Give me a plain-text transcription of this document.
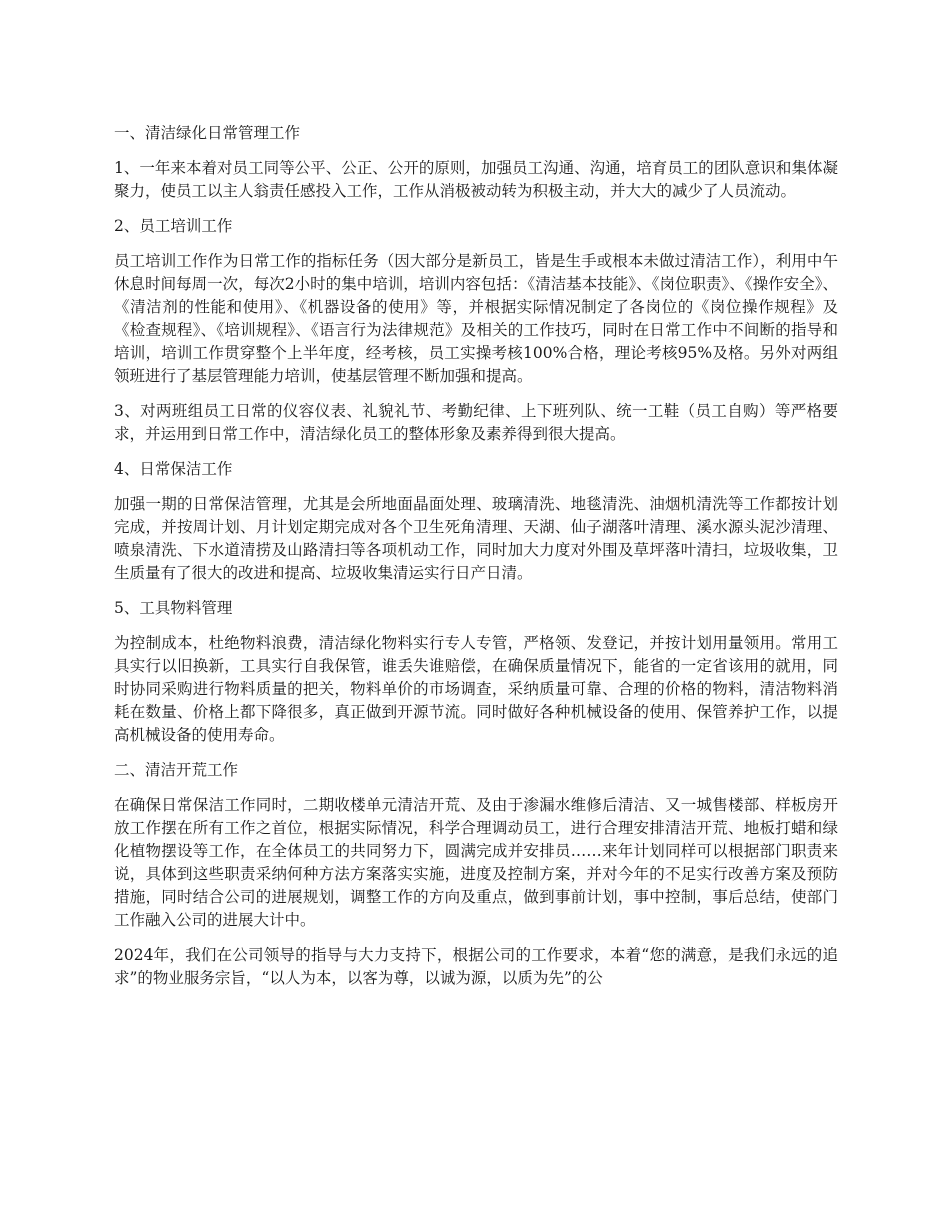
一、清洁绿化日常管理工作

1、一年来本着对员工同等公平、公正、公开的原则，加强员工沟通、沟通，培育员工的团队意识和集体凝聚力，使员工以主人翁责任感投入工作，工作从消极被动转为积极主动，并大大的减少了人员流动。

2、员工培训工作

员工培训工作作为日常工作的指标任务（因大部分是新员工，皆是生手或根本未做过清洁工作），利用中午休息时间每周一次，每次2小时的集中培训，培训内容包括：《清洁基本技能》、《岗位职责》、《操作安全》、《清洁剂的性能和使用》、《机器设备的使用》等，并根据实际情况制定了各岗位的《岗位操作规程》及《检查规程》、《培训规程》、《语言行为法律规范》及相关的工作技巧，同时在日常工作中不间断的指导和培训，培训工作贯穿整个上半年度，经考核，员工实操考核100%合格，理论考核95%及格。另外对两组领班进行了基层管理能力培训，使基层管理不断加强和提高。

3、对两班组员工日常的仪容仪表、礼貌礼节、考勤纪律、上下班列队、统一工鞋（员工自购）等严格要求，并运用到日常工作中，清洁绿化员工的整体形象及素养得到很大提高。

4、日常保洁工作

加强一期的日常保洁管理，尤其是会所地面晶面处理、玻璃清洗、地毯清洗、油烟机清洗等工作都按计划完成，并按周计划、月计划定期完成对各个卫生死角清理、天湖、仙子湖落叶清理、溪水源头泥沙清理、喷泉清洗、下水道清捞及山路清扫等各项机动工作，同时加大力度对外围及草坪落叶清扫，垃圾收集，卫生质量有了很大的改进和提高、垃圾收集清运实行日产日清。

5、工具物料管理

为控制成本，杜绝物料浪费，清洁绿化物料实行专人专管，严格领、发登记，并按计划用量领用。常用工具实行以旧换新，工具实行自我保管，谁丢失谁赔偿，在确保质量情况下，能省的一定省该用的就用，同时协同采购进行物料质量的把关，物料单价的市场调查，采纳质量可靠、合理的价格的物料，清洁物料消耗在数量、价格上都下降很多，真正做到开源节流。同时做好各种机械设备的使用、保管养护工作，以提高机械设备的使用寿命。

二、清洁开荒工作

在确保日常保洁工作同时，二期收楼单元清洁开荒、及由于渗漏水维修后清洁、又一城售楼部、样板房开放工作摆在所有工作之首位，根据实际情况，科学合理调动员工，进行合理安排清洁开荒、地板打蜡和绿化植物摆设等工作，在全体员工的共同努力下，圆满完成并安排员……来年计划同样可以根据部门职责来说，具体到这些职责采纳何种方法方案落实实施，进度及控制方案，并对今年的不足实行改善方案及预防措施，同时结合公司的进展规划，调整工作的方向及重点，做到事前计划，事中控制，事后总结，使部门工作融入公司的进展大计中。

2024年，我们在公司领导的指导与大力支持下，根据公司的工作要求，本着“您的满意，是我们永远的追求”的物业服务宗旨，“以人为本，以客为尊，以诚为源，以质为先”的公
